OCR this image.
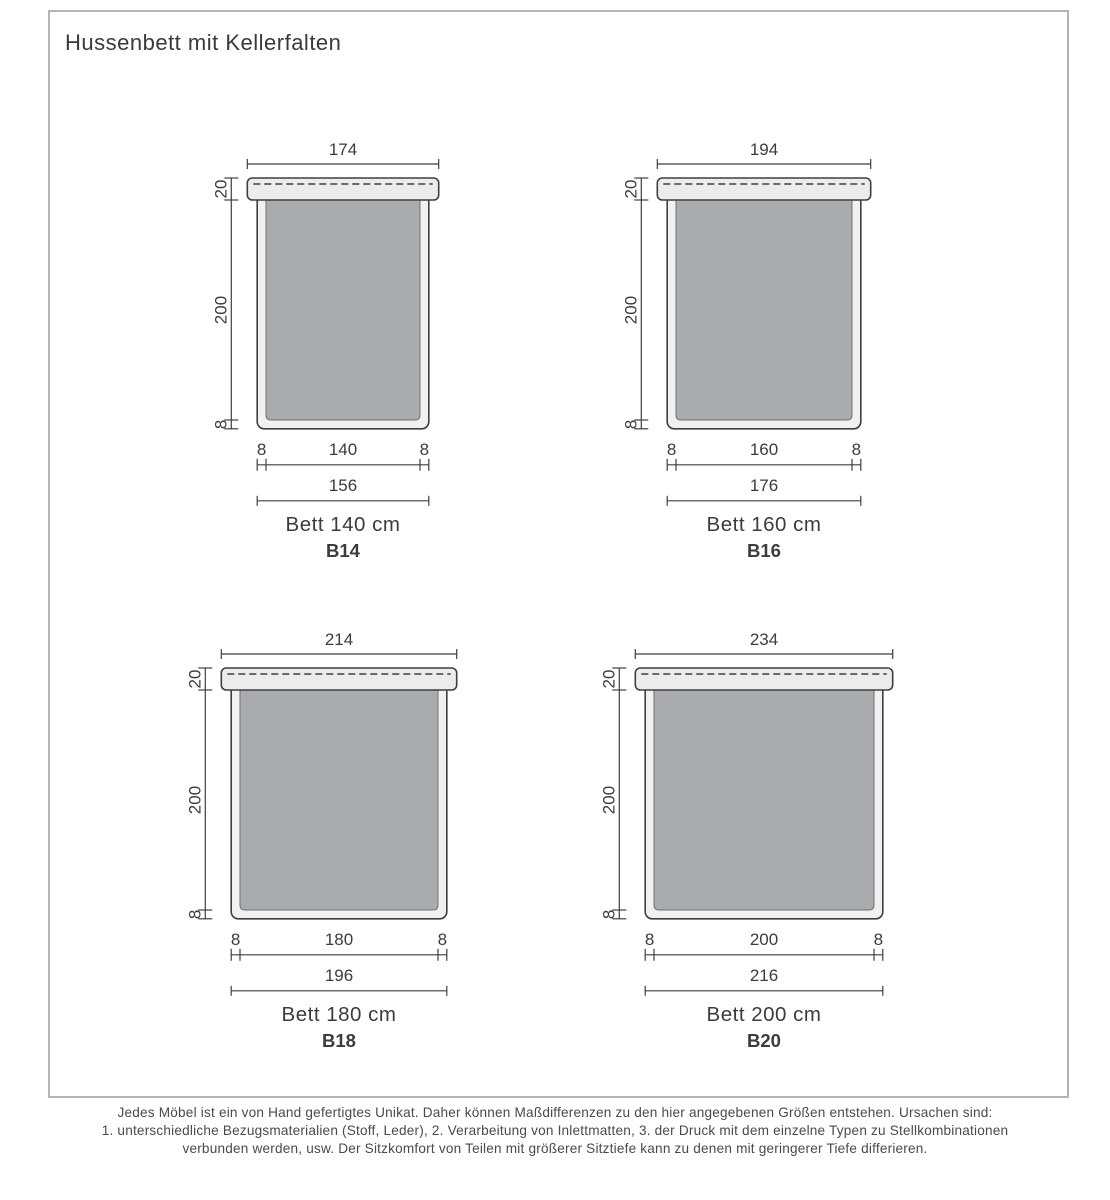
Hussenbett mit Kellerfalten
174
20
200
8
8	140	8
156
Bett 140 cm
B14
194
20
200
8
8	160	8
176
Bett 160 cm
B16
214
20
200
8
8	180	8
196
Bett 180 cm
B18
234
20
200
8
8	200	8
216
Bett 200 cm
B20
Jedes Möbel ist ein von Hand gefertigtes Unikat. Daher können Maßdifferenzen zu den hier angegebenen Größen entstehen. Ursachen sind:
1. unterschiedliche Bezugsmaterialien (Stoff, Leder), 2. Verarbeitung von Inlettmatten, 3. der Druck mit dem einzelne Typen zu Stellkombinationen
verbunden werden, usw. Der Sitzkomfort von Teilen mit größerer Sitztiefe kann zu denen mit geringerer Tiefe differieren.
